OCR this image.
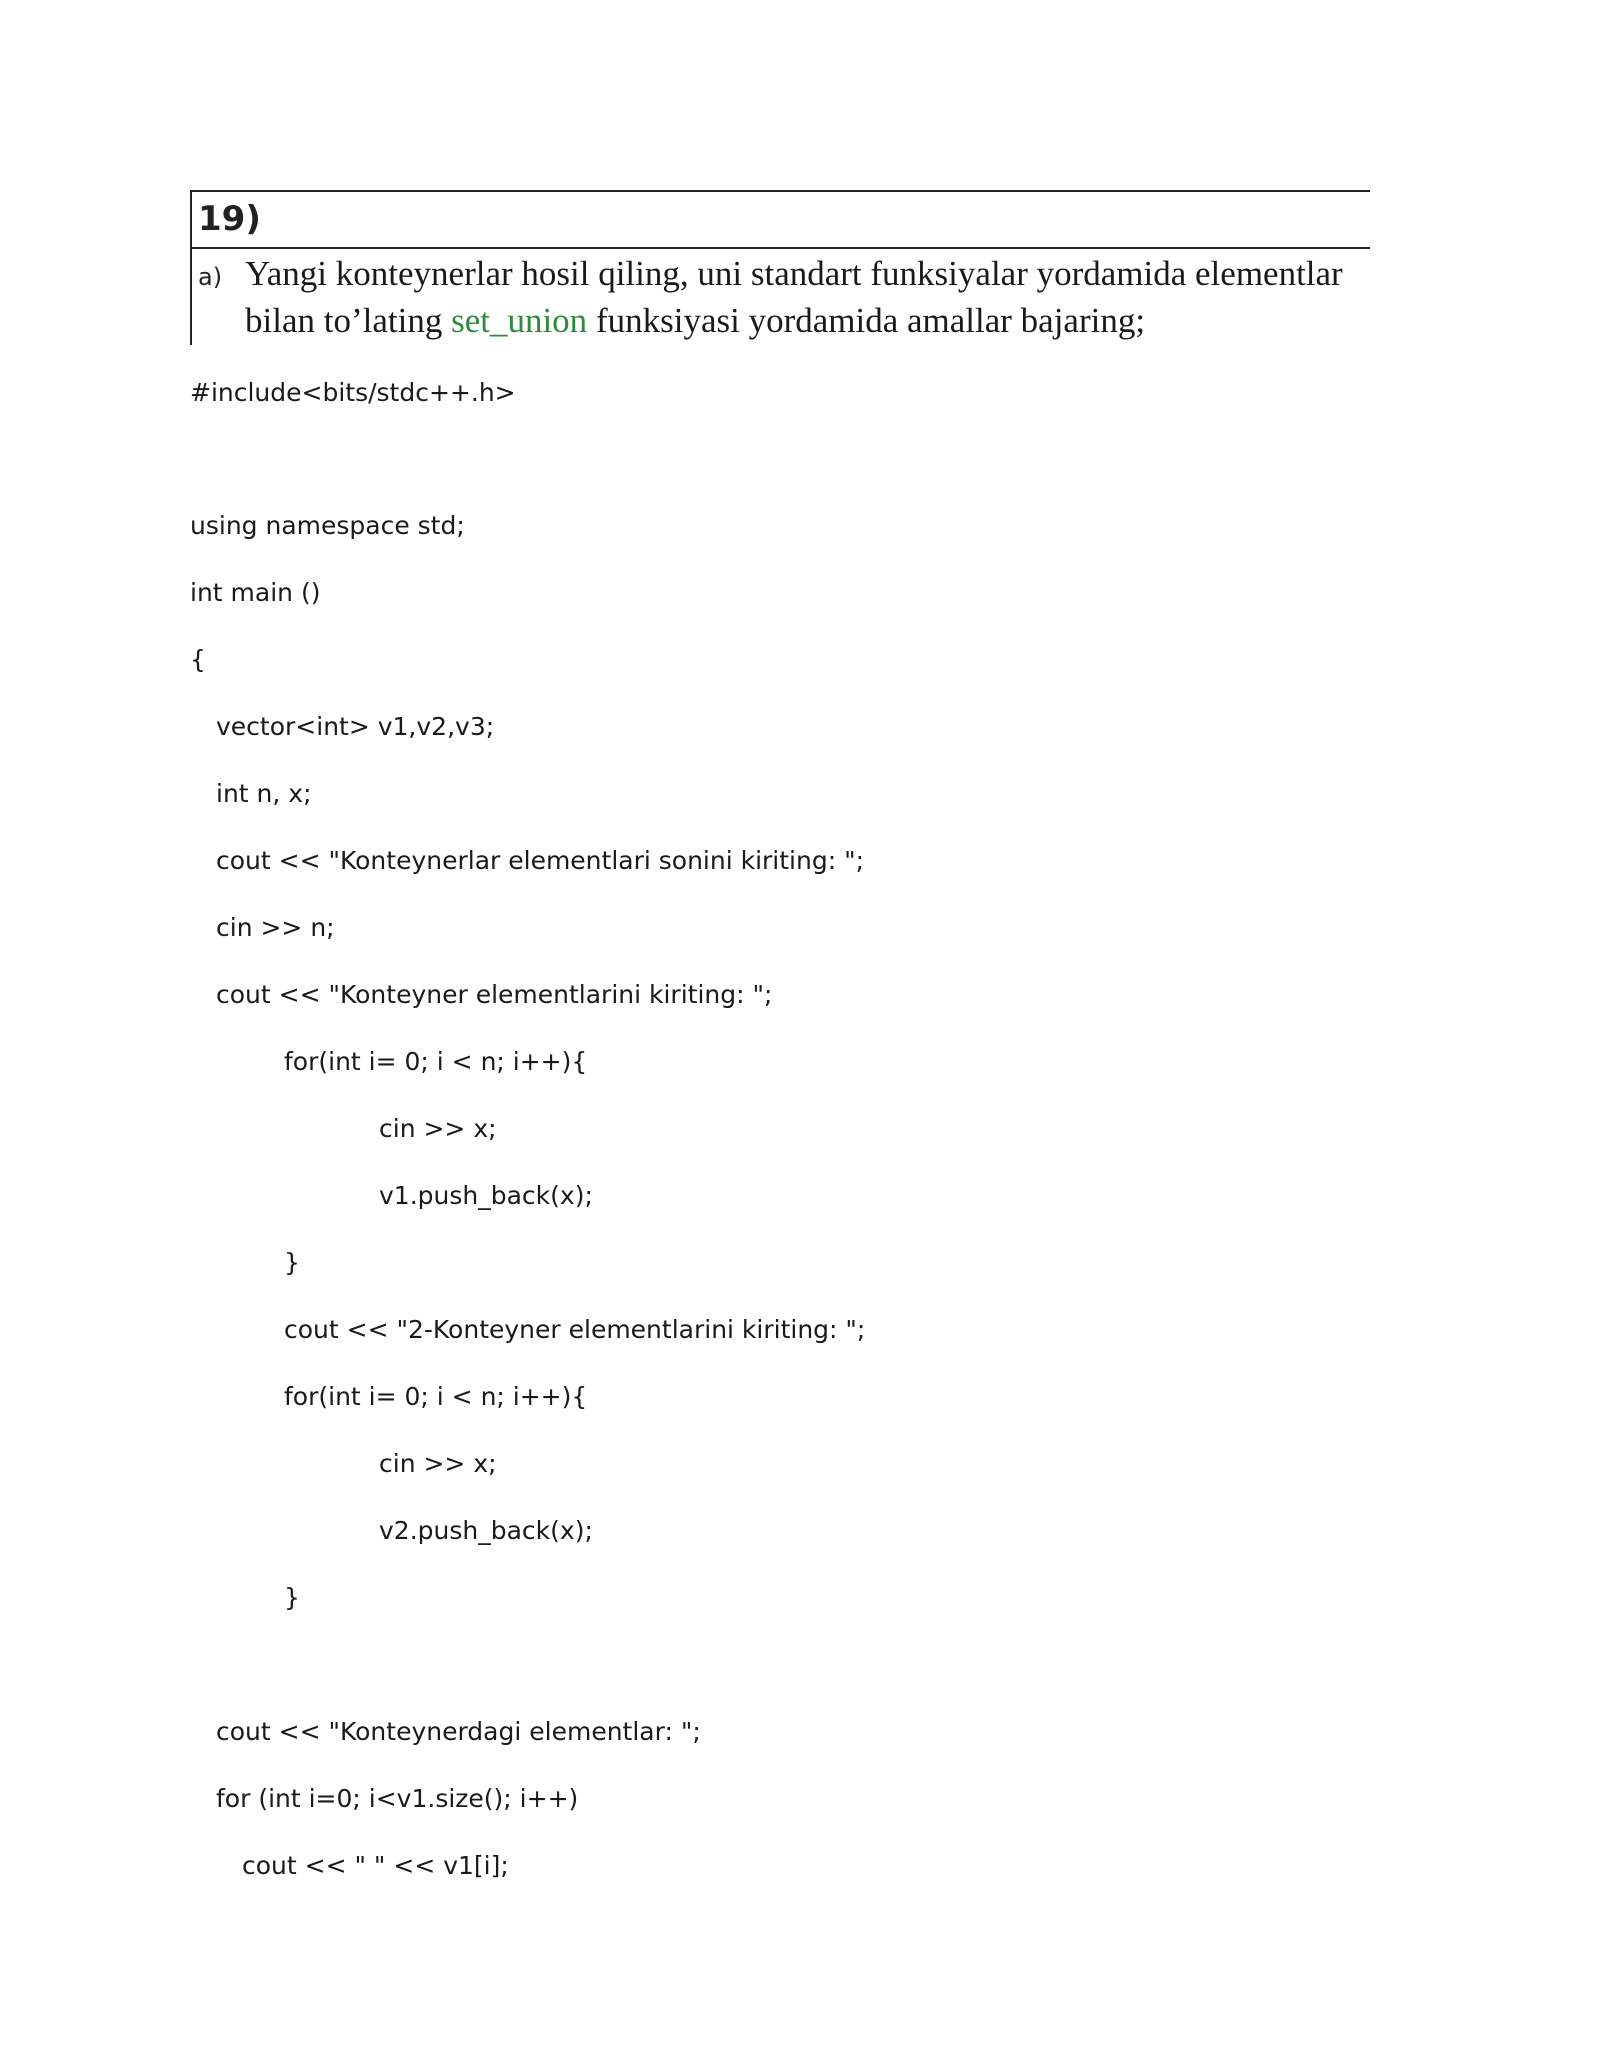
19)
a) Yangi konteynerlar hosil qiling, uni standart funksiyalar yordamida elementlar bilan to’lating set_union funksiyasi yordamida amallar bajaring;
#include<bits/stdc++.h>
using namespace std;
int main ()
{
vector<int> v1,v2,v3;
int n, x;
cout << "Konteynerlar elementlari sonini kiriting: ";
cin >> n;
cout << "Konteyner elementlarini kiriting: ";
for(int i= 0; i < n; i++){
cin >> x;
v1.push_back(x);
}
cout << "2-Konteyner elementlarini kiriting: ";
for(int i= 0; i < n; i++){
cin >> x;
v2.push_back(x);
}
cout << "Konteynerdagi elementlar: ";
for (int i=0; i<v1.size(); i++)
cout << " " << v1[i];
